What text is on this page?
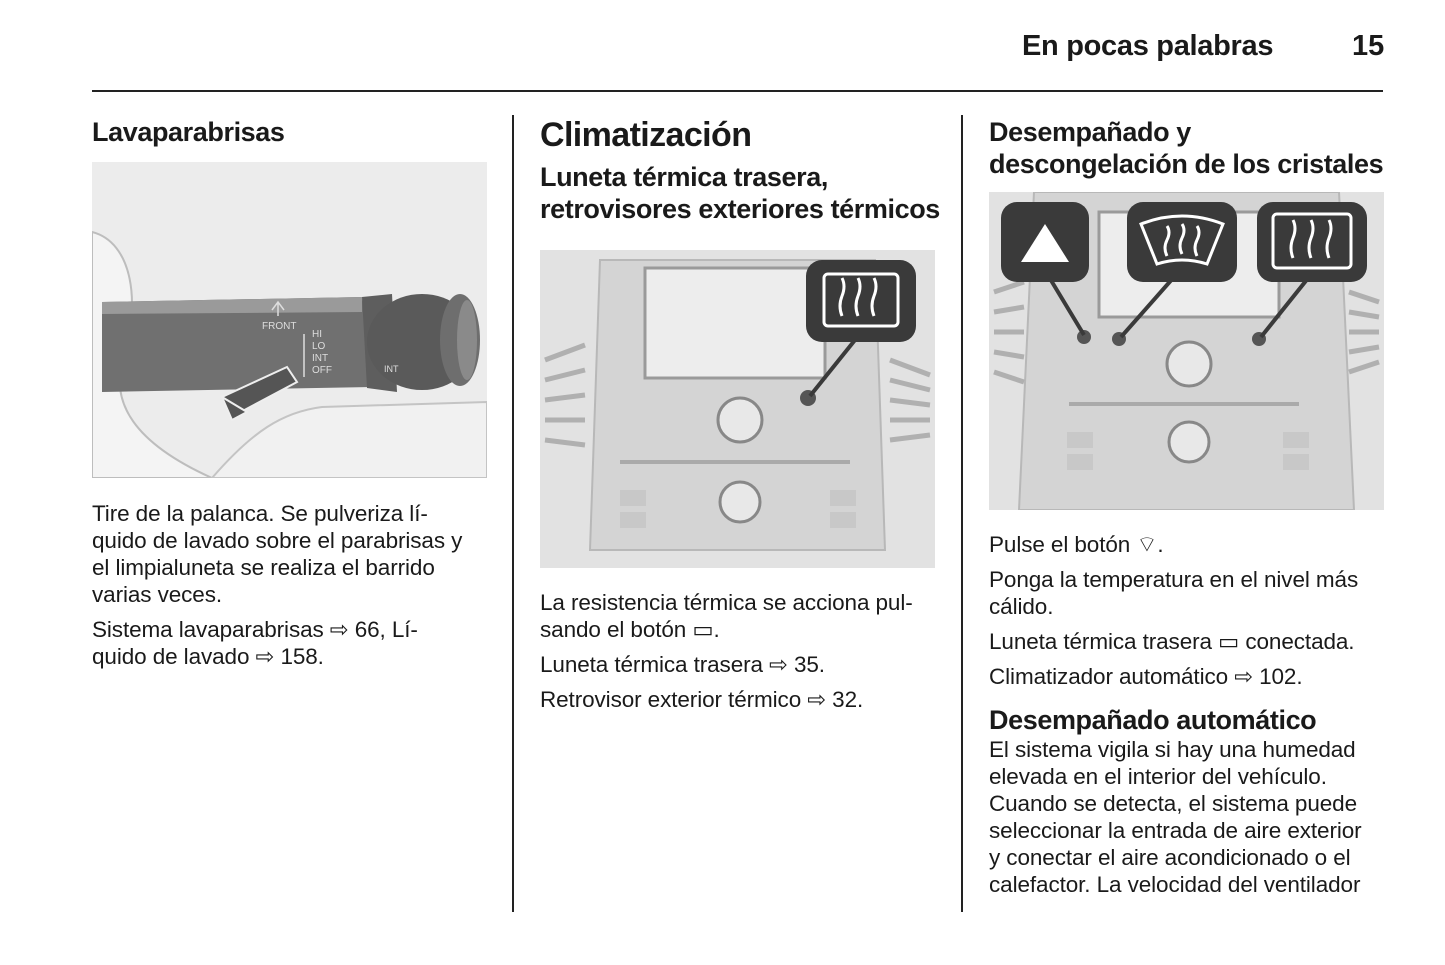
En pocas palabras	15
Lavaparabrisas
FRONT
HI
LO
INT
OFF	INT

Tire de la palanca. Se pulveriza lí-
quido de lavado sobre el parabrisas y
el limpialuneta se realiza el barrido
varias veces.

Sistema lavaparabrisas ⇨ 66, Lí-
quido de lavado ⇨ 158.

Climatización
Luneta térmica trasera,
retrovisores exteriores térmicos

La resistencia térmica se acciona pul-
sando el botón ▭.

Luneta térmica trasera ⇨ 35.

Retrovisor exterior térmico ⇨ 32.

Desempañado y
descongelación de los cristales

Pulse el botón ⌔.

Ponga la temperatura en el nivel más
cálido.

Luneta térmica trasera ▭ conectada.

Climatizador automático ⇨ 102.

Desempañado automático

El sistema vigila si hay una humedad
elevada en el interior del vehículo.
Cuando se detecta, el sistema puede
seleccionar la entrada de aire exterior
y conectar el aire acondicionado o el
calefactor. La velocidad del ventilador
